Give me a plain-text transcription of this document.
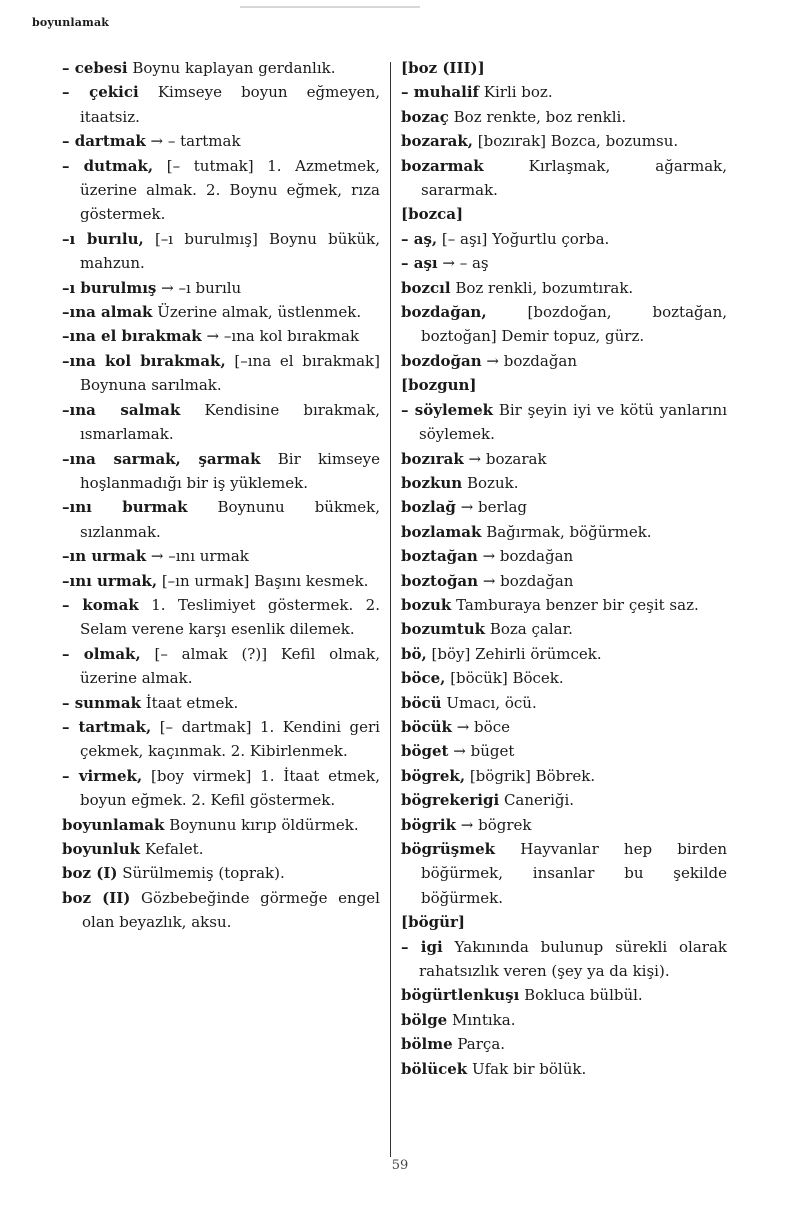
boyunlamak

– cebesi Boynu kaplayan gerdanlık.

– çekici Kimseye boyun eğmeyen, itaatsiz.

– dartmak → – tartmak

– dutmak, [– tutmak] 1. Azmetmek, üzerine almak. 2. Boynu eğmek, rıza göstermek.

–ı burılu, [–ı burulmış] Boynu bükük, mahzun.

–ı burulmış → –ı burılu

–ına almak Üzerine almak, üstlenmek.

–ına el bırakmak → –ına kol bırakmak

–ına kol bırakmak, [–ına el bırakmak] Boynuna sarılmak.

–ına salmak Kendisine bırakmak, ısmarlamak.

–ına sarmak, şarmak Bir kimseye hoşlanmadığı bir iş yüklemek.

–ını burmak Boynunu bükmek, sızlanmak.

–ın urmak → –ını urmak

–ını urmak, [–ın urmak] Başını kesmek.

– komak 1. Teslimiyet göstermek. 2. Selam verene karşı esenlik dilemek.

– olmak, [– almak (?)] Kefil olmak, üzerine almak.

– sunmak İtaat etmek.

– tartmak, [– dartmak] 1. Kendini geri çekmek, kaçınmak. 2. Kibirlenmek.

– virmek, [boy virmek] 1. İtaat etmek, boyun eğmek. 2. Kefil göstermek.

boyunlamak Boynunu kırıp öldürmek.

boyunluk Kefalet.

boz (I) Sürülmemiş (toprak).

boz (II) Gözbebeğinde görmeğe engel olan beyazlık, aksu.

[boz (III)]

– muhalif Kirli boz.

bozaç Boz renkte, boz renkli.

bozarak, [bozırak] Bozca, bozumsu.

bozarmak	Kırlaşmak, ağarmak, sararmak.

[bozca]

– aş, [– aşı] Yoğurtlu çorba.

– aşı → – aş

bozcıl Boz renkli, bozumtırak.

bozdağan,	[bozdoğan, boztağan, boztoğan] Demir topuz, gürz.

bozdoğan → bozdağan

[bozgun]

– söylemek Bir şeyin iyi ve kötü yanlarını söylemek.

bozırak → bozarak

bozkun Bozuk.

bozlağ → berlag

bozlamak Bağırmak, böğürmek.

boztağan → bozdağan

boztoğan → bozdağan

bozuk Tamburaya benzer bir çeşit saz.

bozumtuk Boza çalar.

bö, [böy] Zehirli örümcek.

böce, [böcük] Böcek.

böcü Umacı, öcü.

böcük → böce

böget → büget

bögrek, [bögrik] Böbrek.

bögrekerigi Caneriği.

bögrik → bögrek

bögrüşmek Hayvanlar hep birden böğürmek, insanlar bu şekilde böğürmek.

[bögür]

– igi Yakınında bulunup sürekli olarak rahatsızlık veren (şey ya da kişi).

bögürtlenkuşı Bokluca bülbül.

bölge Mıntıka.

bölme Parça.

bölücek Ufak bir bölük.

59
